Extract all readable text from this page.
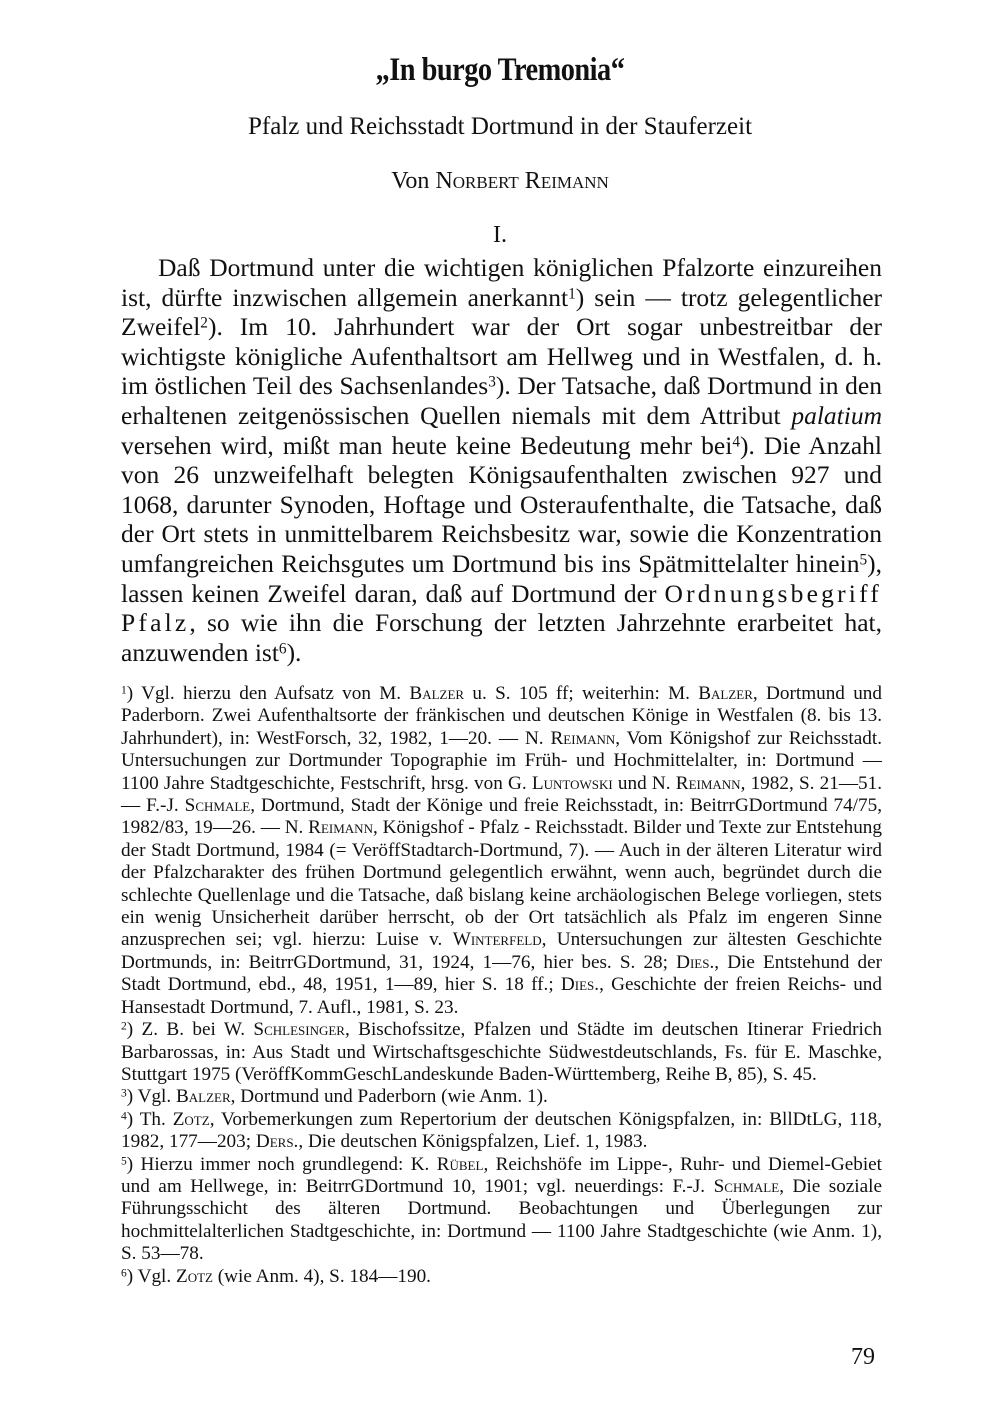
„In burgo Tremonia“
Pfalz und Reichsstadt Dortmund in der Stauferzeit
Von Norbert Reimann
I.

Daß Dortmund unter die wichtigen königlichen Pfalzorte einzureihen ist, dürfte inzwischen allgemein anerkannt$^1$) sein — trotz gelegentlicher Zweifel$^2$). Im 10. Jahrhundert war der Ort sogar unbestreitbar der wichtigste königliche Aufenthaltsort am Hellweg und in Westfalen, d. h. im östlichen Teil des Sachsenlandes$^3$). Der Tatsache, daß Dortmund in den erhaltenen zeitgenössischen Quellen niemals mit dem Attribut palatium versehen wird, mißt man heute keine Bedeutung mehr bei$^4$). Die Anzahl von 26 unzweifelhaft belegten Königsaufenthalten zwischen 927 und 1068, darunter Synoden, Hoftage und Osteraufenthalte, die Tatsache, daß der Ort stets in unmittelbarem Reichsbesitz war, sowie die Konzentration umfangreichen Reichsgutes um Dortmund bis ins Spätmittelalter hinein$^5$), lassen keinen Zweifel daran, daß auf Dortmund der Ordnungsbegriff Pfalz, so wie ihn die Forschung der letzten Jahrzehnte erarbeitet hat, anzuwenden ist$^6$).

$^1$) Vgl. hierzu den Aufsatz von M. Balzer u. S. 105 ff; weiterhin: M. Balzer, Dortmund und Paderborn. Zwei Aufenthaltsorte der fränkischen und deutschen Könige in Westfalen (8. bis 13. Jahrhundert), in: WestForsch, 32, 1982, 1—20. — N. Reimann, Vom Königshof zur Reichsstadt. Untersuchungen zur Dortmunder Topographie im Früh- und Hochmittelalter, in: Dortmund — 1100 Jahre Stadtgeschichte, Festschrift, hrsg. von G. Luntowski und N. Reimann, 1982, S. 21—51. — F.-J. Schmale, Dortmund, Stadt der Könige und freie Reichsstadt, in: BeitrrGDortmund 74/75, 1982/83, 19—26. — N. Reimann, Königshof - Pfalz - Reichsstadt. Bilder und Texte zur Entstehung der Stadt Dortmund, 1984 (= VeröffStadtarch-Dortmund, 7). — Auch in der älteren Literatur wird der Pfalzcharakter des frühen Dortmund gelegentlich erwähnt, wenn auch, begründet durch die schlechte Quellenlage und die Tatsache, daß bislang keine archäologischen Belege vorliegen, stets ein wenig Unsicherheit darüber herrscht, ob der Ort tatsächlich als Pfalz im engeren Sinne anzusprechen sei; vgl. hierzu: Luise v. Winterfeld, Untersuchungen zur ältesten Geschichte Dortmunds, in: BeitrrGDortmund, 31, 1924, 1—76, hier bes. S. 28; Dies., Die Entstehund der Stadt Dortmund, ebd., 48, 1951, 1—89, hier S. 18 ff.; Dies., Geschichte der freien Reichs- und Hansestadt Dortmund, 7. Aufl., 1981, S. 23.

$^2$) Z. B. bei W. Schlesinger, Bischofssitze, Pfalzen und Städte im deutschen Itinerar Friedrich Barbarossas, in: Aus Stadt und Wirtschaftsgeschichte Südwestdeutschlands, Fs. für E. Maschke, Stuttgart 1975 (VeröffKommGeschLandeskunde Baden-Württemberg, Reihe B, 85), S. 45.

$^3$) Vgl. Balzer, Dortmund und Paderborn (wie Anm. 1).

$^4$) Th. Zotz, Vorbemerkungen zum Repertorium der deutschen Königspfalzen, in: BllDtLG, 118, 1982, 177—203; Ders., Die deutschen Königspfalzen, Lief. 1, 1983.

$^5$) Hierzu immer noch grundlegend: K. Rübel, Reichshöfe im Lippe-, Ruhr- und Diemel-Gebiet und am Hellwege, in: BeitrrGDortmund 10, 1901; vgl. neuerdings: F.-J. Schmale, Die soziale Führungsschicht des älteren Dortmund. Beobachtungen und Überlegungen zur hochmittelalterlichen Stadtgeschichte, in: Dortmund — 1100 Jahre Stadtgeschichte (wie Anm. 1), S. 53—78.

$^6$) Vgl. Zotz (wie Anm. 4), S. 184—190.

79
